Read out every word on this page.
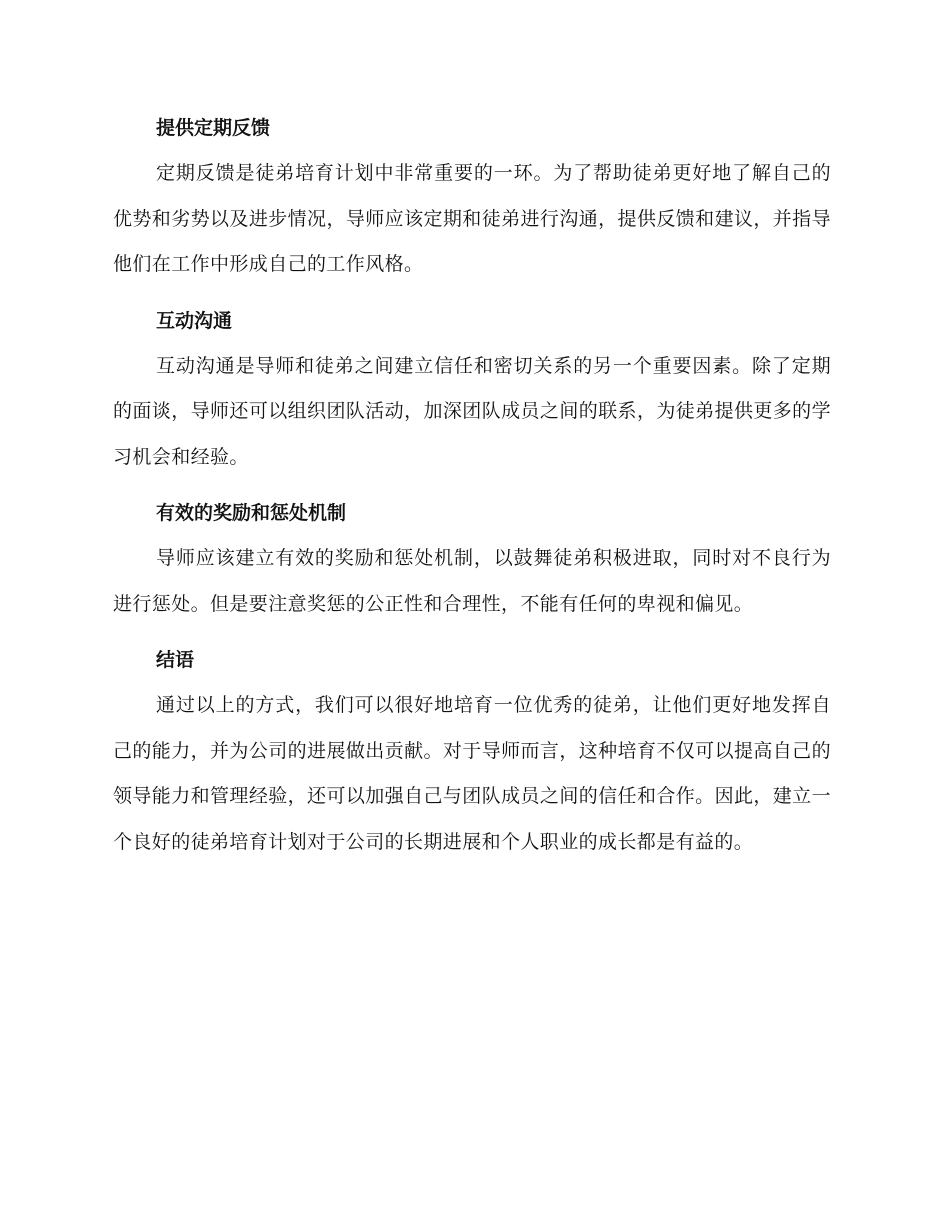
提供定期反馈

定期反馈是徒弟培育计划中非常重要的一环。为了帮助徒弟更好地了解自己的优势和劣势以及进步情况，导师应该定期和徒弟进行沟通，提供反馈和建议，并指导他们在工作中形成自己的工作风格。

互动沟通

互动沟通是导师和徒弟之间建立信任和密切关系的另一个重要因素。除了定期的面谈，导师还可以组织团队活动，加深团队成员之间的联系，为徒弟提供更多的学习机会和经验。

有效的奖励和惩处机制

导师应该建立有效的奖励和惩处机制，以鼓舞徒弟积极进取，同时对不良行为进行惩处。但是要注意奖惩的公正性和合理性，不能有任何的卑视和偏见。

结语

通过以上的方式，我们可以很好地培育一位优秀的徒弟，让他们更好地发挥自己的能力，并为公司的进展做出贡献。对于导师而言，这种培育不仅可以提高自己的领导能力和管理经验，还可以加强自己与团队成员之间的信任和合作。因此，建立一个良好的徒弟培育计划对于公司的长期进展和个人职业的成长都是有益的。
